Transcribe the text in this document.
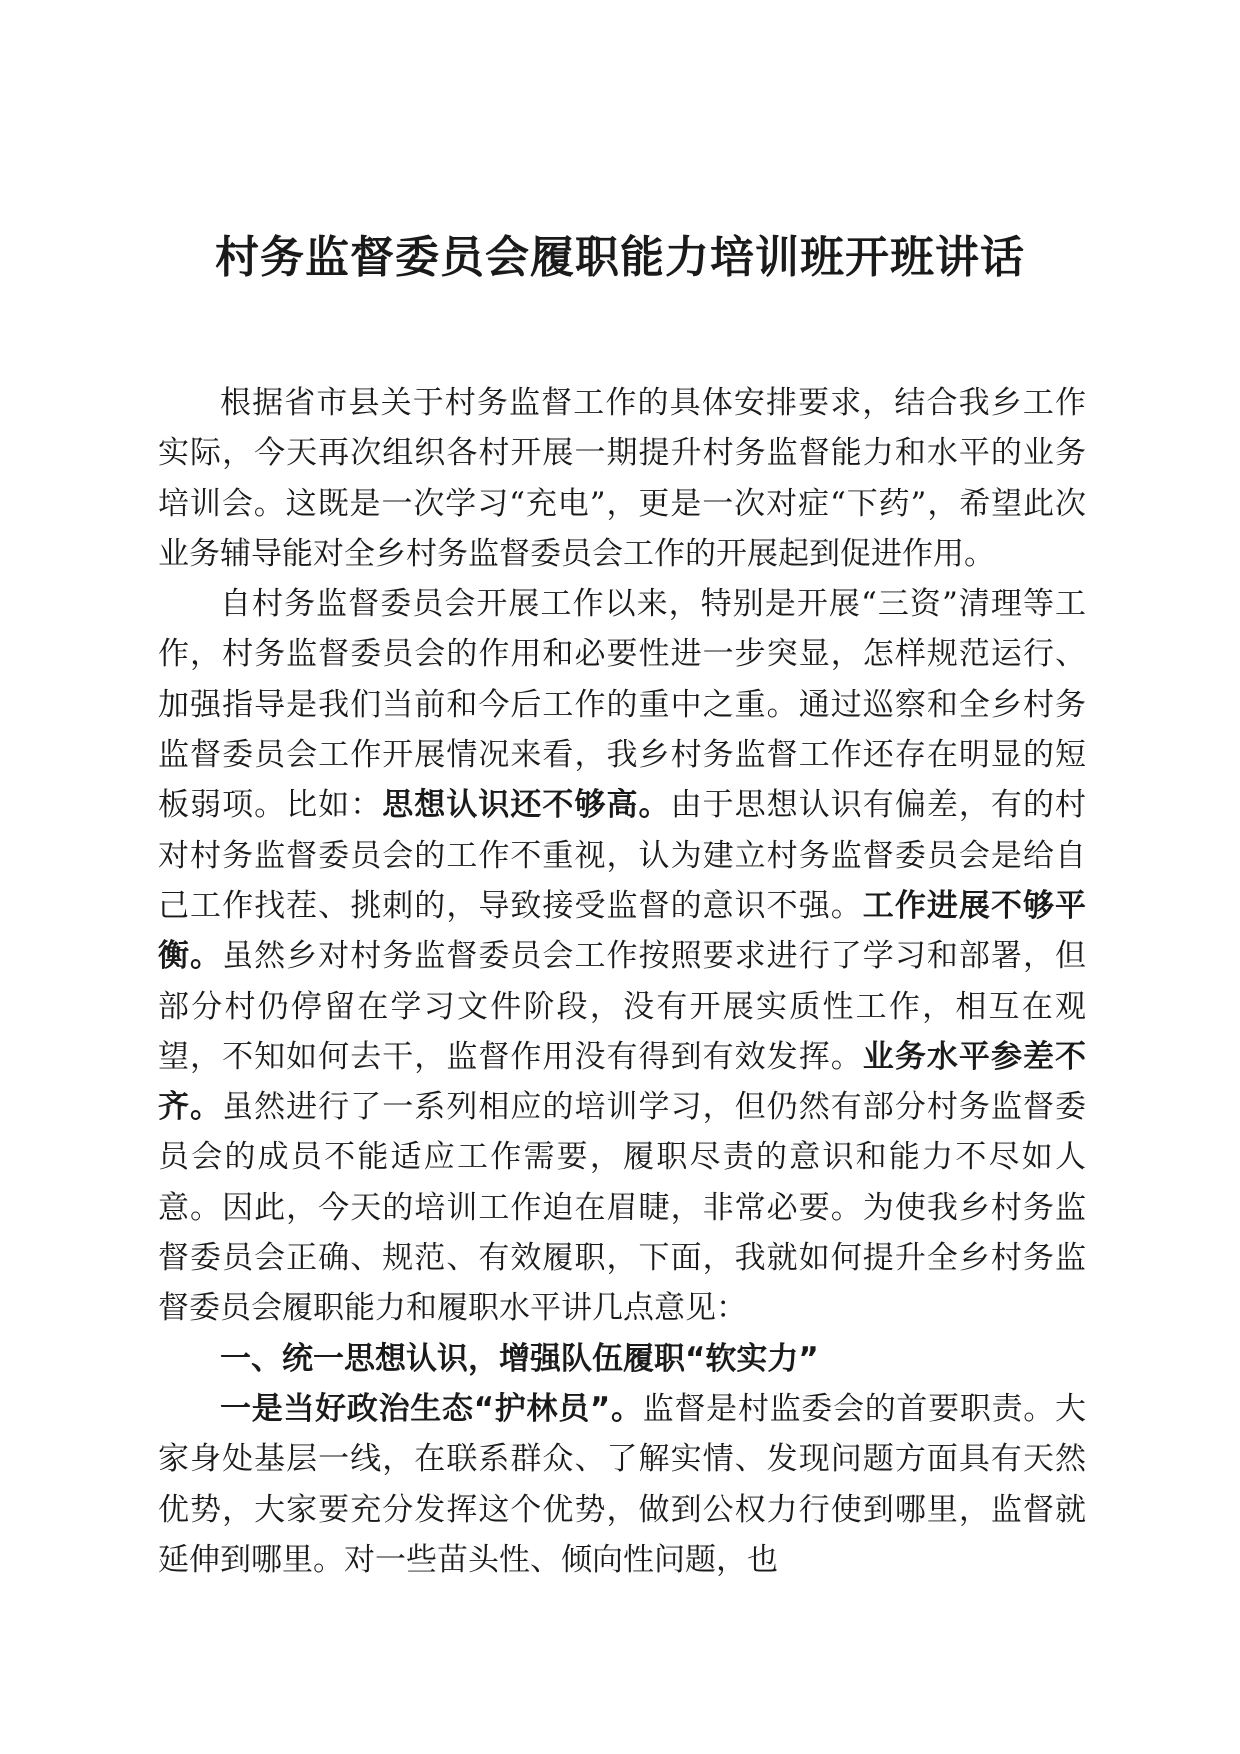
村务监督委员会履职能力培训班开班讲话

根据省市县关于村务监督工作的具体安排要求，结合我乡工作实际，今天再次组织各村开展一期提升村务监督能力和水平的业务培训会。这既是一次学习“充电”，更是一次对症“下药”，希望此次业务辅导能对全乡村务监督委员会工作的开展起到促进作用。

自村务监督委员会开展工作以来，特别是开展“三资”清理等工作，村务监督委员会的作用和必要性进一步突显，怎样规范运行、加强指导是我们当前和今后工作的重中之重。通过巡察和全乡村务监督委员会工作开展情况来看，我乡村务监督工作还存在明显的短板弱项。比如：思想认识还不够高。由于思想认识有偏差，有的村对村务监督委员会的工作不重视，认为建立村务监督委员会是给自己工作找茬、挑刺的，导致接受监督的意识不强。工作进展不够平衡。虽然乡对村务监督委员会工作按照要求进行了学习和部署，但部分村仍停留在学习文件阶段，没有开展实质性工作，相互在观望，不知如何去干，监督作用没有得到有效发挥。业务水平参差不齐。虽然进行了一系列相应的培训学习，但仍然有部分村务监督委员会的成员不能适应工作需要，履职尽责的意识和能力不尽如人意。因此，今天的培训工作迫在眉睫，非常必要。为使我乡村务监督委员会正确、规范、有效履职，下面，我就如何提升全乡村务监督委员会履职能力和履职水平讲几点意见：

一、统一思想认识，增强队伍履职“软实力”

一是当好政治生态“护林员”。监督是村监委会的首要职责。大家身处基层一线，在联系群众、了解实情、发现问题方面具有天然优势，大家要充分发挥这个优势，做到公权力行使到哪里，监督就延伸到哪里。对一些苗头性、倾向性问题，也
